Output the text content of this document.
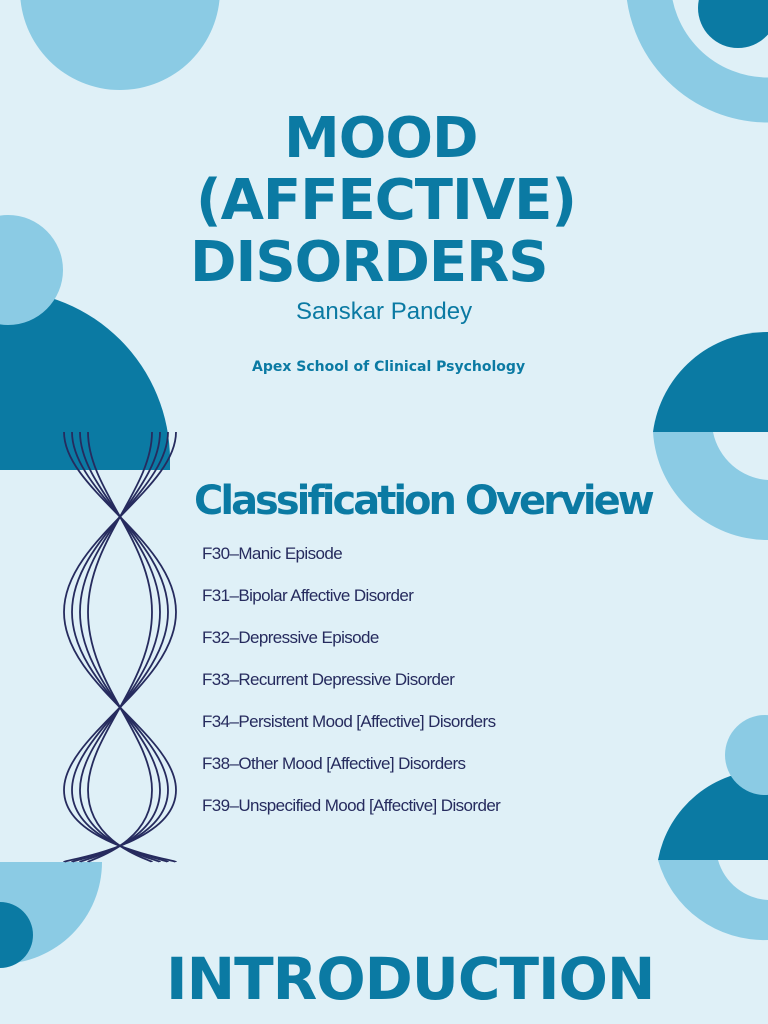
MOOD
(AFFECTIVE)
DISORDERS
Sanskar Pandey
Apex School of Clinical Psychology
Classification Overview
F30–Manic Episode
F31–Bipolar Affective Disorder
F32–Depressive Episode
F33–Recurrent Depressive Disorder
F34–Persistent Mood [Affective] Disorders
F38–Other Mood [Affective] Disorders
F39–Unspecified Mood [Affective] Disorder
INTRODUCTION
